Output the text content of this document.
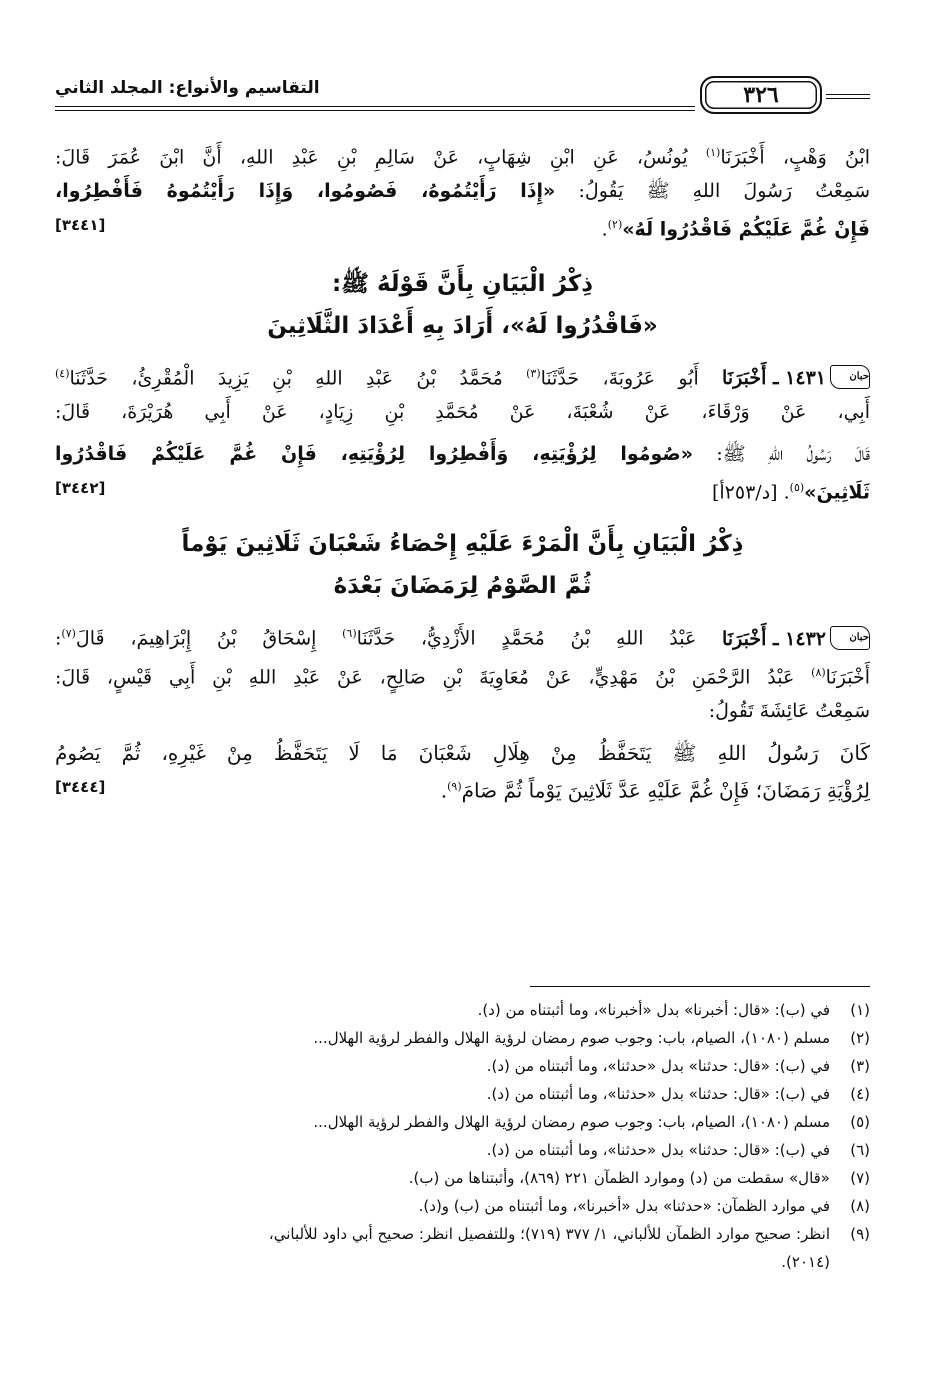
٣٢٦
التقاسيم والأنواع: المجلد الثاني

ابْنُ وَهْبٍ، أَخْبَرَنَا$^{(١)}$ يُونُسُ، عَنِ ابْنِ شِهَابٍ، عَنْ سَالِمِ بْنِ عَبْدِ اللهِ، أَنَّ ابْنَ عُمَرَ قَالَ:

سَمِعْتُ رَسُولَ اللهِ ﷺ يَقُولُ: «إِذَا رَأَيْتُمُوهُ، فَصُومُوا، وَإِذَا رَأَيْتُمُوهُ فَأَفْطِرُوا،

فَإِنْ غُمَّ عَلَيْكُمْ فَاقْدُرُوا لَهُ»$^{(٢)}$.
[٣٤٤١]

ذِكْرُ الْبَيَانِ بِأَنَّ قَوْلَهُ ﷺ:
«فَاقْدُرُوا لَهُ»، أَرَادَ بِهِ أَعْدَادَ الثَّلَاثِينَ

حبان
١٤٣١ ـ أَخْبَرَنَا أَبُو عَرُوبَةَ، حَدَّثَنَا$^{(٣)}$ مُحَمَّدُ بْنُ عَبْدِ اللهِ بْنِ يَزِيدَ الْمُقْرِئُ، حَدَّثَنَا$^{(٤)}$

أَبِي، عَنْ وَرْقَاءَ، عَنْ شُعْبَةَ، عَنْ مُحَمَّدِ بْنِ زِيَادٍ، عَنْ أَبِي هُرَيْرَةَ، قَالَ:

قَالَ رَسُولُ اللهِ ﷺ: «صُومُوا لِرُؤْيَتِهِ، وَأَفْطِرُوا لِرُؤْيَتِهِ، فَإِنْ غُمَّ عَلَيْكُمْ فَاقْدُرُوا

ثَلَاثِينَ»$^{(٥)}$. [د/٢٥٣أ]
[٣٤٤٢]

ذِكْرُ الْبَيَانِ بِأَنَّ الْمَرْءَ عَلَيْهِ إِحْصَاءُ شَعْبَانَ ثَلَاثِينَ يَوْماً
ثُمَّ الصَّوْمُ لِرَمَضَانَ بَعْدَهُ

حبان
١٤٣٢ ـ أَخْبَرَنَا عَبْدُ اللهِ بْنُ مُحَمَّدٍ الأَزْدِيُّ، حَدَّثَنَا$^{(٦)}$ إِسْحَاقُ بْنُ إِبْرَاهِيمَ، قَالَ$^{(٧)}$:

أَخْبَرَنَا$^{(٨)}$ عَبْدُ الرَّحْمَنِ بْنُ مَهْدِيٍّ، عَنْ مُعَاوِيَةَ بْنِ صَالِحٍ، عَنْ عَبْدِ اللهِ بْنِ أَبِي قَيْسٍ، قَالَ:

سَمِعْتُ عَائِشَةَ تَقُولُ:

كَانَ رَسُولُ اللهِ ﷺ يَتَحَفَّظُ مِنْ هِلَالِ شَعْبَانَ مَا لَا يَتَحَفَّظُ مِنْ غَيْرِهِ، ثُمَّ يَصُومُ

لِرُؤْيَةِ رَمَضَانَ؛ فَإِنْ غُمَّ عَلَيْهِ عَدَّ ثَلَاثِينَ يَوْماً ثُمَّ صَامَ$^{(٩)}$.
[٣٤٤٤]

(١)في (ب): «قال: أخبرنا» بدل «أخبرنا»، وما أثبتناه من (د).
(٢)مسلم (١٠٨٠)، الصيام، باب: وجوب صوم رمضان لرؤية الهلال والفطر لرؤية الهلال...
(٣)في (ب): «قال: حدثنا» بدل «حدثنا»، وما أثبتناه من (د).
(٤)في (ب): «قال: حدثنا» بدل «حدثنا»، وما أثبتناه من (د).
(٥)مسلم (١٠٨٠)، الصيام، باب: وجوب صوم رمضان لرؤية الهلال والفطر لرؤية الهلال...
(٦)في (ب): «قال: حدثنا» بدل «حدثنا»، وما أثبتناه من (د).
(٧)«قال» سقطت من (د) وموارد الظمآن ٢٢١ (٨٦٩)، وأثبتناها من (ب).
(٨)في موارد الظمآن: «حدثنا» بدل «أخبرنا»، وما أثبتناه من (ب) و(د).
(٩)انظر: صحيح موارد الظمآن للألباني، ١/ ٣٧٧ (٧١٩)؛ وللتفصيل انظر: صحيح أبي داود للألباني،
(٢٠١٤).
